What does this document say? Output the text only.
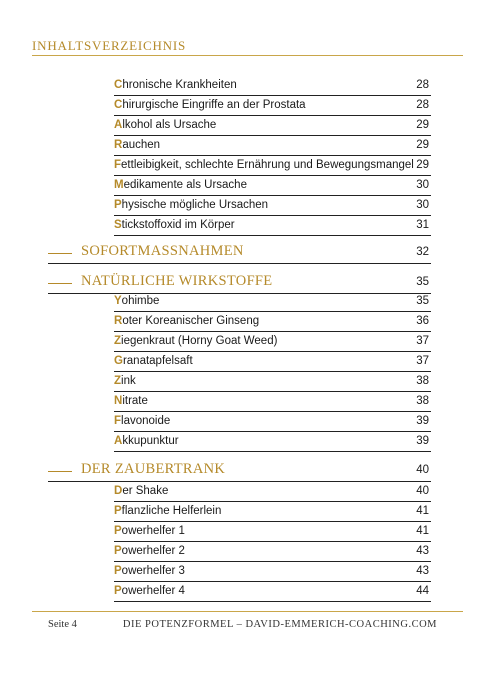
INHALTSVERZEICHNIS
Chronische Krankheiten	28
Chirurgische Eingriffe an der Prostata	28
Alkohol als Ursache	29
Rauchen	29
Fettleibigkeit, schlechte Ernährung und Bewegungsmangel 29
Medikamente als Ursache	30
Physische mögliche Ursachen	30
Stickstoffoxid im Körper	31
SOFORTMASSNAHMEN	32
NATÜRLICHE WIRKSTOFFE	35
Yohimbe	35
Roter Koreanischer Ginseng	36
Ziegenkraut (Horny Goat Weed)	37
Granatapfelsaft	37
Zink	38
Nitrate	38
Flavonoide	39
Akkupunktur	39
DER ZAUBERTRANK	40
Der Shake	40
Pflanzliche Helferlein	41
Powerhelfer 1	41
Powerhelfer 2	43
Powerhelfer 3	43
Powerhelfer 4	44
Seite 4	DIE POTENZFORMEL – DAVID-EMMERICH-COACHING.COM
